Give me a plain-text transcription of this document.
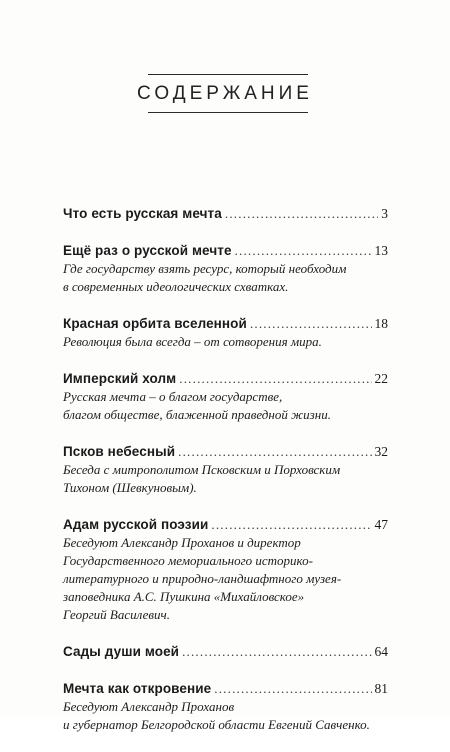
СОДЕРЖАНИЕ
Что есть русская мечта .....	3
Ещё раз о русской мечте .....	13
Где государству взять ресурс, который необходим
в современных идеологических схватках.
Красная орбита вселенной .....	18
Революция была всегда – от сотворения мира.
Имперский холм .....	22
Русская мечта – о благом государстве,
благом обществе, блаженной праведной жизни.
Псков небесный .....	32
Беседа с митрополитом Псковским и Порховским
Тихоном (Шевкуновым).
Адам русской поэзии .....	47
Беседуют Александр Проханов и директор
Государственного мемориального историко-
литературного и природно-ландшафтного музея-
заповедника А.С. Пушкина «Михайловское»
Георгий Василевич.
Сады души моей .....	64
Мечта как откровение .....	81
Беседуют Александр Проханов
и губернатор Белгородской области Евгений Савченко.
